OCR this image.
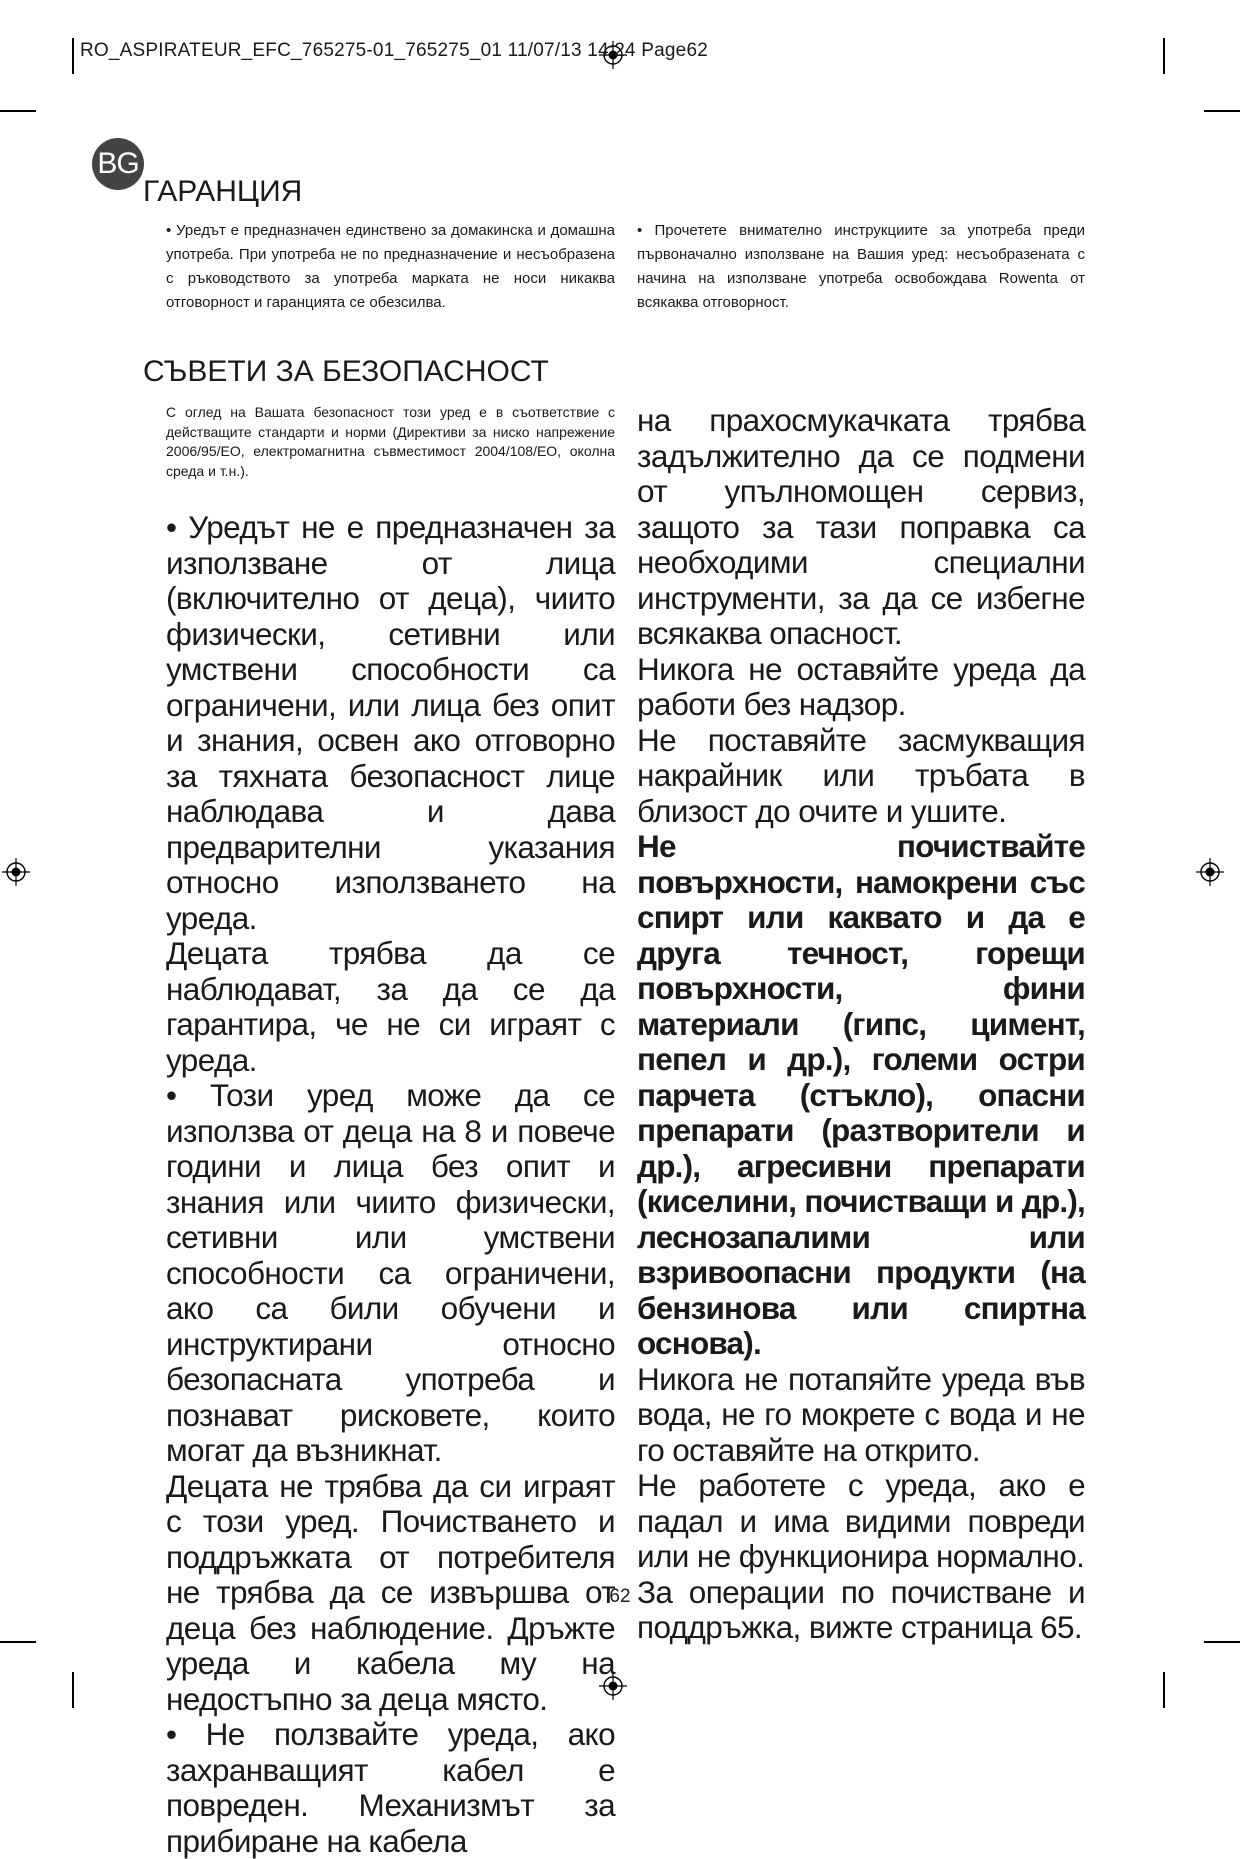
RO_ASPIRATEUR_EFC_765275-01_765275_01 11/07/13 14:24 Page62
BG
ГАРАНЦИЯ
• Уредът е предназначен единствено за домакинска и домашна употреба. При употреба не по предназначение и несъобразена с ръководството за употреба марката не носи никаква отговорност и гаранцията се обезсилва.
• Прочетете внимателно инструкциите за употреба преди първоначално използване на Вашия уред: несъобразената с начина на използване употреба освобождава Rowenta от всякаква отговорност.
СЪВЕТИ ЗА БЕЗОПАСНОСТ
С оглед на Вашата безопасност този уред е в съответствие с действащите стандарти и норми (Директиви за ниско напрежение 2006/95/ЕО, електромагнитна съвместимост 2004/108/ЕО, околна среда и т.н.).

• Уредът не е предназначен за използване от лица (включително от деца), чиито физически, сетивни или умствени способности са ограничени, или лица без опит и знания, освен ако отговорно за тяхната безопасност лице наблюдава и дава предварителни указания относно използването на уреда.

Децата трябва да се наблюдават, за да се да гарантира, че не си играят с уреда.

• Този уред може да се използва от деца на 8 и повече години и лица без опит и знания или чиито физически, сетивни или умствени способности са ограничени, ако са били обучени и инструктирани относно безопасната употреба и познават рисковете, които могат да възникнат.

Децата не трябва да си играят с този уред. Почистването и поддръжката от потребителя не трябва да се извършва от деца без наблюдение. Дръжте уреда и кабела му на недостъпно за деца място.

• Не ползвайте уреда, ако захранващият кабел е повреден. Механизмът за прибиране на кабела

на прахосмукачката трябва задължително да се подмени от упълномощен сервиз, защото за тази поправка са необходими специални инструменти, за да се избегне всякаква опасност.

Никога не оставяйте уреда да работи без надзор.

Не поставяйте засмукващия накрайник или тръбата в близост до очите и ушите.

Не почиствайте повърхности, намокрени със спирт или каквато и да е друга течност, горещи повърхности, фини материали (гипс, цимент, пепел и др.), големи остри парчета (стъкло), опасни препарати (разтворители и др.), агресивни препарати (киселини, почистващи и др.), леснозапалими или взривоопасни продукти (на бензинова или спиртна основа).

Никога не потапяйте уреда във вода, не го мокрете с вода и не го оставяйте на открито.

Не работете с уреда, ако е падал и има видими повреди или не функционира нормално.

За операции по почистване и поддръжка, вижте страница 65.

62
